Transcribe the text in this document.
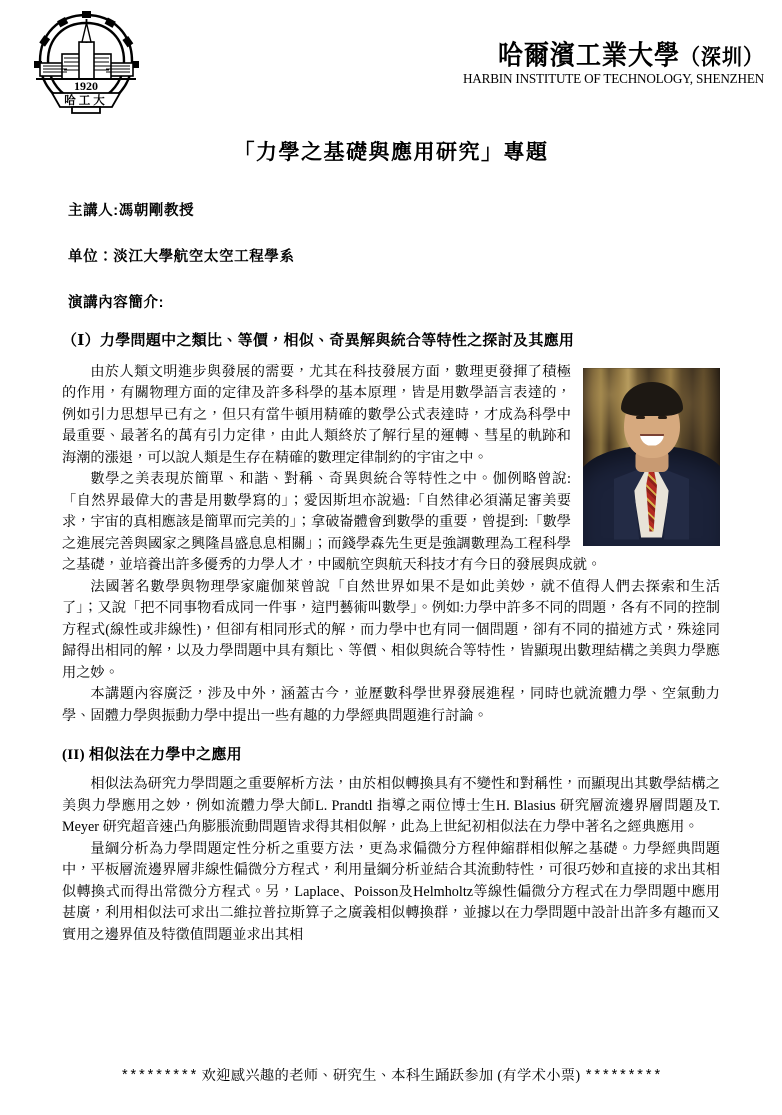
1920
哈工大
哈爾濱工業大學（深圳）
HARBIN INSTITUTE OF TECHNOLOGY, SHENZHEN
「力學之基礎與應用研究」專題
主講人:馮朝剛教授
单位：淡江大學航空太空工程學系
演講內容簡介:
（Ⅰ）力學問題中之類比、等價，相似、奇異解與統合等特性之探討及其應用

由於人類文明進步與發展的需要，尤其在科技發展方面，數理更發揮了積極的作用，有關物理方面的定律及許多科學的基本原理，皆是用數學語言表達的，例如引力思想早已有之，但只有當牛頓用精確的數學公式表達時，才成為科學中最重要、最著名的萬有引力定律，由此人類終於了解行星的運轉、彗星的軌跡和海潮的漲退，可以說人類是生存在精確的數理定律制約的宇宙之中。

數學之美表現於簡單、和諧、對稱、奇異與統合等特性之中。伽例略曾說:「自然界最偉大的書是用數學寫的」；愛因斯坦亦說過:「自然律必須滿足審美要求，宇宙的真相應該是簡單而完美的」；拿破崙體會到數學的重要，曾提到:「數學之進展完善與國家之興隆昌盛息息相關」；而錢學森先生更是強調數理為工程科學之基礎，並培養出許多優秀的力學人才，中國航空與航天科技才有今日的發展與成就。

法國著名數學與物理學家龐伽萊曾說「自然世界如果不是如此美妙，就不值得人們去探索和生活了」；又說「把不同事物看成同一件事，這門藝術叫數學」。例如:力學中許多不同的問題，各有不同的控制方程式(線性或非線性)，但卻有相同形式的解，而力學中也有同一個問題，卻有不同的描述方式，殊途同歸得出相同的解，以及力學問題中具有類比、等價、相似與統合等特性，皆顯現出數理結構之美與力學應用之妙。

本講題內容廣泛，涉及中外，涵蓋古今，並歷數科學世界發展進程，同時也就流體力學、空氣動力學、固體力學與振動力學中提出一些有趣的力學經典問題進行討論。

(II) 相似法在力學中之應用

相似法為研究力學問題之重要解析方法，由於相似轉換具有不變性和對稱性，而顯現出其數學結構之美與力學應用之妙，例如流體力學大師L. Prandtl 指導之兩位博士生H. Blasius 研究層流邊界層問題及T. Meyer 研究超音速凸角膨脹流動問題皆求得其相似解，此為上世紀初相似法在力學中著名之經典應用。

量綱分析為力學問題定性分析之重要方法，更為求偏微分方程伸縮群相似解之基礎。力學經典問題中，平板層流邊界層非線性偏微分方程式，利用量綱分析並結合其流動特性，可很巧妙和直接的求出其相似轉換式而得出常微分方程式。另，Laplace、Poisson及Helmholtz等線性偏微分方程式在力學問題中應用甚廣，利用相似法可求出二維拉普拉斯算子之廣義相似轉換群，並據以在力學問題中設計出許多有趣而又實用之邊界值及特徵值問題並求出其相

********* 欢迎感兴趣的老师、研究生、本科生踊跃参加 (有学术小票) *********
